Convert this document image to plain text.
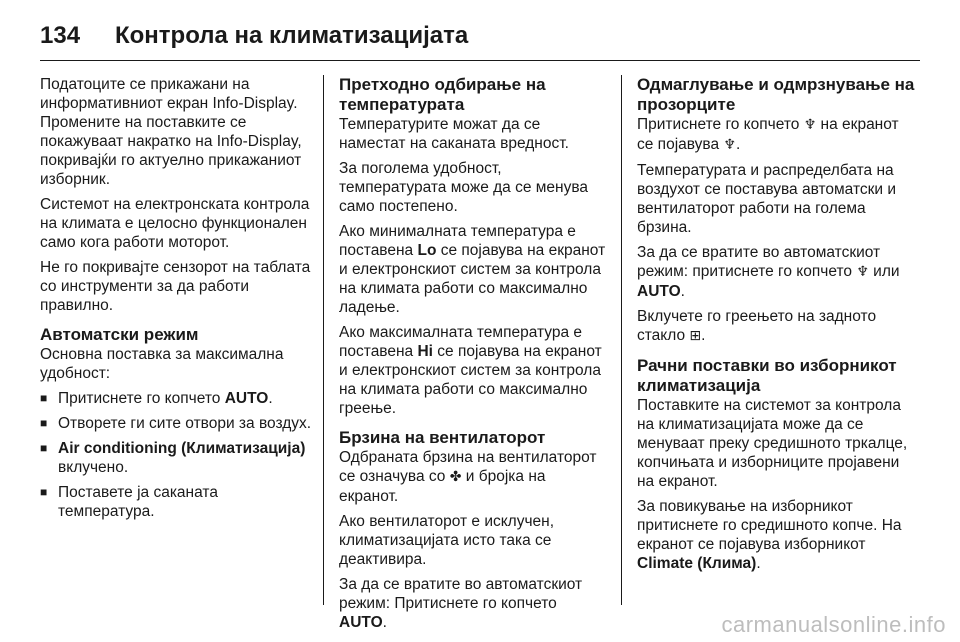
134	Контрола на климатизацијата

Податоците се прикажани на информативниот екран Info-Display. Промените на поставките се покажуваат накратко на Info-Display, покривајќи го актуелно прикажаниот изборник.

Системот на електронската контрола на климата е целосно функционален само кога работи моторот.

Не го покривајте сензорот на таблата со инструменти за да работи правилно.

Автоматски режим

Основна поставка за максимална удобност:

■ Притиснете го копчето AUTO.
■ Отворете ги сите отвори за воздух.
■ Air conditioning (Климатизација) вклучено.
■ Поставете ја саканата температура.
Претходно одбирање на температурата

Температурите можат да се наместат на саканата вредност.

За поголема удобност, температурата може да се менува само постепено.

Ако минималната температура е поставена Lo се појавува на екранот и електронскиот систем за контрола на климата работи со максимално ладење.

Ако максималната температура е поставена Hi се појавува на екранот и електронскиот систем за контрола на климата работи со максимално греење.

Брзина на вентилаторот

Одбраната брзина на вентилаторот се означува со ✤ и бројка на екранот.

Ако вентилаторот е исклучен, климатизацијата исто така се деактивира.

За да се вратите во автоматскиот режим: Притиснете го копчето AUTO.

Одмаглување и одмрзнување на прозорците

Притиснете го копчето ♆ на екранот се појавува ♆.

Температурата и распределбата на воздухот се поставува автоматски и вентилаторот работи на голема брзина.

За да се вратите во автоматскиот режим: притиснете го копчето ♆ или AUTO.

Вклучете го греењето на задното стакло ⊞.

Рачни поставки во изборникот климатизација

Поставките на системот за контрола на климатизацијата може да се менуваат преку средишното тркалце, копчињата и изборниците пројавени на екранот.

За повикување на изборникот притиснете го средишното копче. На екранот се појавува изборникот Climate (Клима).

carmanualsonline.info
